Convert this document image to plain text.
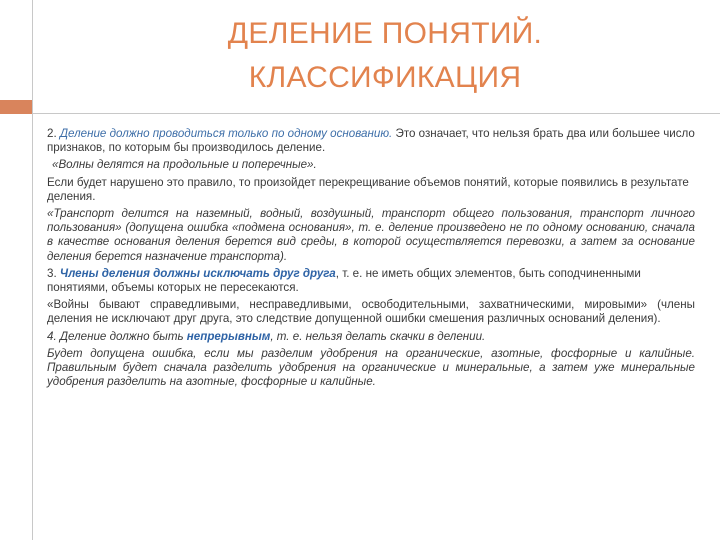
ДЕЛЕНИЕ ПОНЯТИЙ.
КЛАССИФИКАЦИЯ

2. Деление должно проводиться только по одному основанию. Это означает, что нельзя брать два или большее число признаков, по которым бы производилось деление.

«Волны делятся на продольные и поперечные».

Если будет нарушено это правило, то произойдет перекрещивание объемов понятий, которые появились в результате деления.

«Транспорт делится на наземный, водный, воздушный, транспорт общего пользования, транспорт личного пользования» (допущена ошибка «подмена основания», т. е. деление произведено не по одному основанию, сначала в качестве основания деления берется вид среды, в которой осуществляется перевозки, а затем за основание деления берется назначение транспорта).

3. Члены деления должны исключать друг друга, т. е. не иметь общих элементов, быть соподчиненными понятиями, объемы которых не пересекаются.

«Войны бывают справедливыми, несправедливыми, освободительными, захватническими, мировыми» (члены деления не исключают друг друга, это следствие допущенной ошибки смешения различных оснований деления).

4. Деление должно быть непрерывным, т. е. нельзя делать скачки в делении.

Будет допущена ошибка, если мы разделим удобрения на органические, азотные, фосфорные и калийные. Правильным будет сначала разделить удобрения на органические и минеральные, а затем уже минеральные удобрения разделить на азотные, фосфорные и калийные.
